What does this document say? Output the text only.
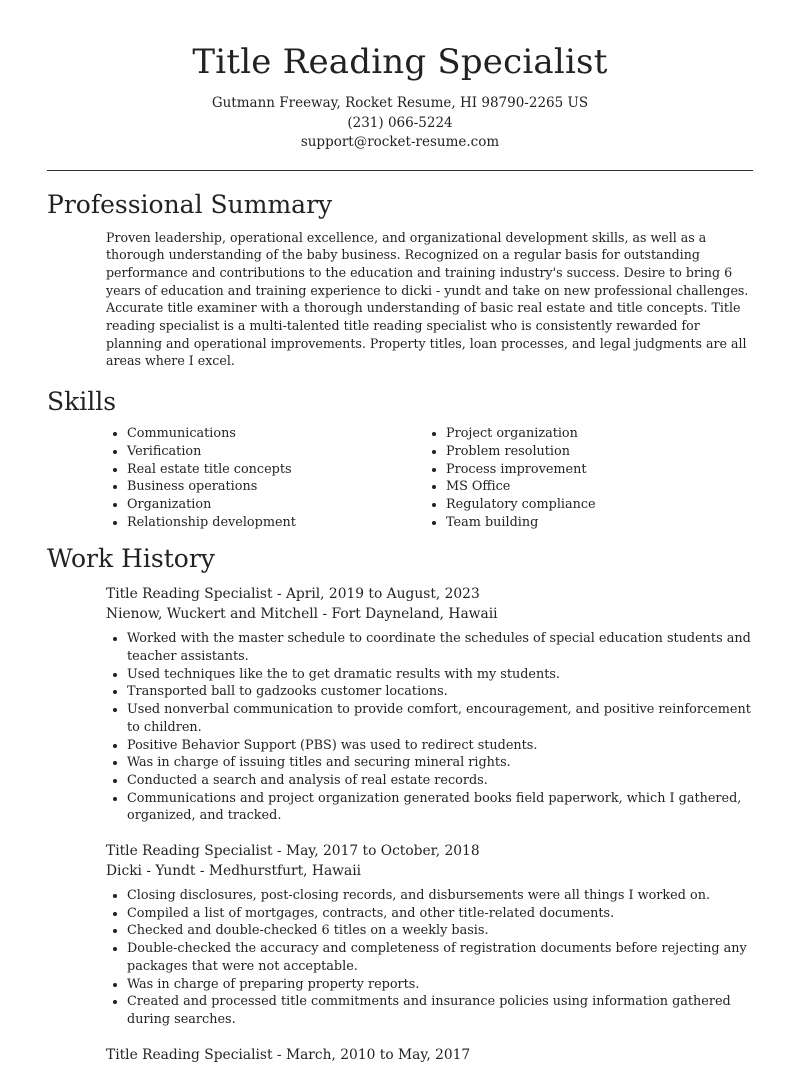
Title Reading Specialist
Gutmann Freeway, Rocket Resume, HI 98790-2265 US
(231) 066-5224
support@rocket-resume.com
Professional Summary

Proven leadership, operational excellence, and organizational development skills, as well as a thorough understanding of the baby business. Recognized on a regular basis for outstanding performance and contributions to the education and training industry's success. Desire to bring 6 years of education and training experience to dicki - yundt and take on new professional challenges. Accurate title examiner with a thorough understanding of basic real estate and title concepts. Title reading specialist is a multi-talented title reading specialist who is consistently rewarded for planning and operational improvements. Property titles, loan processes, and legal judgments are all areas where I excel.

Skills
• Communications
• Verification
• Real estate title concepts
• Business operations
• Organization
• Relationship development
• Project organization
• Problem resolution
• Process improvement
• MS Office
• Regulatory compliance
• Team building
Work History
Title Reading Specialist - April, 2019 to August, 2023
Nienow, Wuckert and Mitchell - Fort Dayneland, Hawaii
• Worked with the master schedule to coordinate the schedules of special education students and teacher assistants.
• Used techniques like the to get dramatic results with my students.
• Transported ball to gadzooks customer locations.
• Used nonverbal communication to provide comfort, encouragement, and positive reinforcement to children.
• Positive Behavior Support (PBS) was used to redirect students.
• Was in charge of issuing titles and securing mineral rights.
• Conducted a search and analysis of real estate records.
• Communications and project organization generated books field paperwork, which I gathered, organized, and tracked.
Title Reading Specialist - May, 2017 to October, 2018
Dicki - Yundt - Medhurstfurt, Hawaii
• Closing disclosures, post-closing records, and disbursements were all things I worked on.
• Compiled a list of mortgages, contracts, and other title-related documents.
• Checked and double-checked 6 titles on a weekly basis.
• Double-checked the accuracy and completeness of registration documents before rejecting any packages that were not acceptable.
• Was in charge of preparing property reports.
• Created and processed title commitments and insurance policies using information gathered during searches.
Title Reading Specialist - March, 2010 to May, 2017
